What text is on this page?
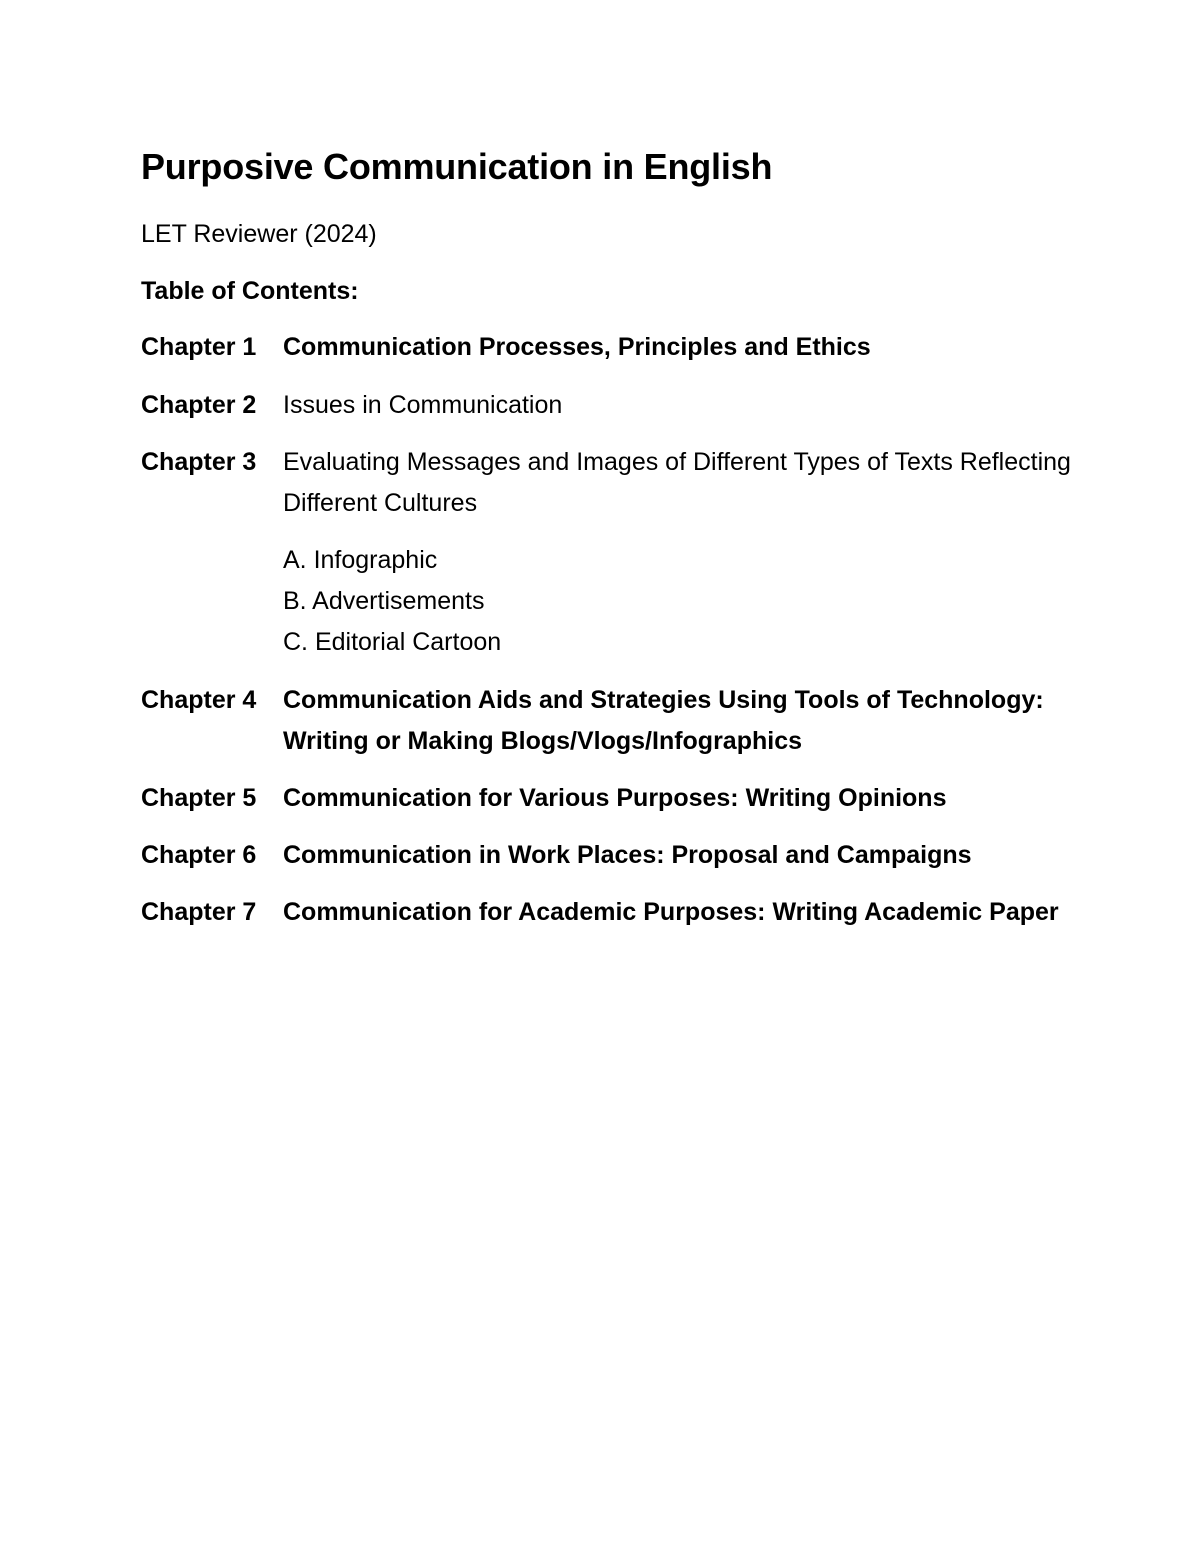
Purposive Communication in English
LET Reviewer (2024)
Table of Contents:
Chapter 1 Communication Processes, Principles and Ethics
Chapter 2 Issues in Communication
Chapter 3 Evaluating Messages and Images of Different Types of Texts Reflecting Different Cultures
A. Infographic
B. Advertisements
C. Editorial Cartoon
Chapter 4 Communication Aids and Strategies Using Tools of Technology: Writing or Making Blogs/Vlogs/Infographics
Chapter 5 Communication for Various Purposes: Writing Opinions
Chapter 6 Communication in Work Places: Proposal and Campaigns
Chapter 7 Communication for Academic Purposes: Writing Academic Paper
